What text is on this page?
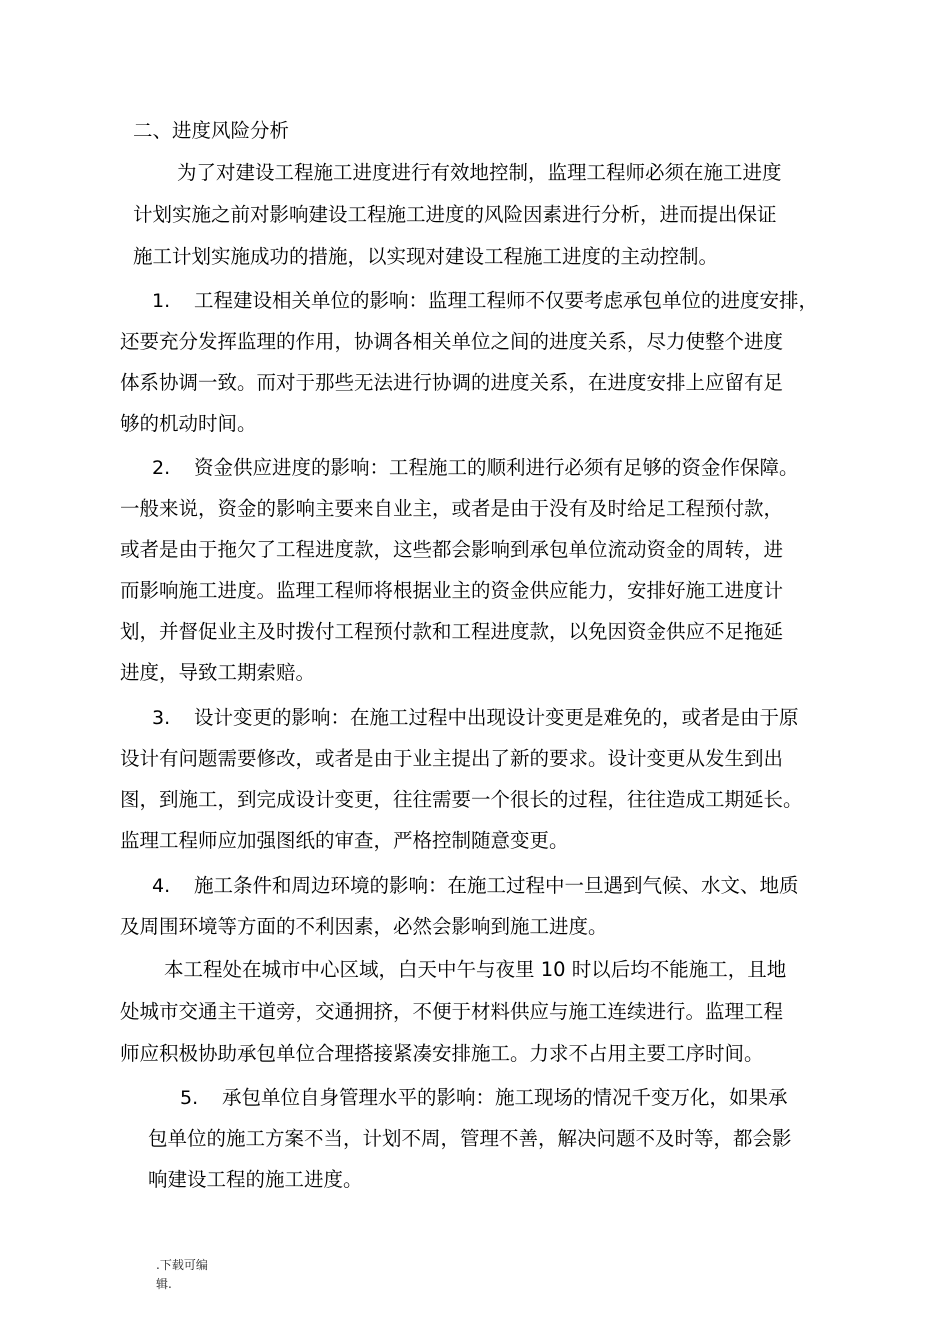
二、进度风险分析
为了对建设工程施工进度进行有效地控制，监理工程师必须在施工进度
计划实施之前对影响建设工程施工进度的风险因素进行分析，进而提出保证
施工计划实施成功的措施，以实现对建设工程施工进度的主动控制。
1. 工程建设相关单位的影响：监理工程师不仅要考虑承包单位的进度安排，
还要充分发挥监理的作用，协调各相关单位之间的进度关系，尽力使整个进度
体系协调一致。而对于那些无法进行协调的进度关系，在进度安排上应留有足
够的机动时间。
2. 资金供应进度的影响：工程施工的顺利进行必须有足够的资金作保障。
一般来说，资金的影响主要来自业主，或者是由于没有及时给足工程预付款，
或者是由于拖欠了工程进度款，这些都会影响到承包单位流动资金的周转，进
而影响施工进度。监理工程师将根据业主的资金供应能力，安排好施工进度计
划，并督促业主及时拨付工程预付款和工程进度款，以免因资金供应不足拖延
进度，导致工期索赔。
3. 设计变更的影响：在施工过程中出现设计变更是难免的，或者是由于原
设计有问题需要修改，或者是由于业主提出了新的要求。设计变更从发生到出
图，到施工，到完成设计变更，往往需要一个很长的过程，往往造成工期延长。
监理工程师应加强图纸的审查，严格控制随意变更。
4. 施工条件和周边环境的影响：在施工过程中一旦遇到气候、水文、地质
及周围环境等方面的不利因素，必然会影响到施工进度。
本工程处在城市中心区域，白天中午与夜里 10 时以后均不能施工，且地
处城市交通主干道旁，交通拥挤，不便于材料供应与施工连续进行。监理工程
师应积极协助承包单位合理搭接紧凑安排施工。力求不占用主要工序时间。
5. 承包单位自身管理水平的影响：施工现场的情况千变万化，如果承
包单位的施工方案不当，计划不周，管理不善，解决问题不及时等，都会影
响建设工程的施工进度。
.下载可编
辑.
